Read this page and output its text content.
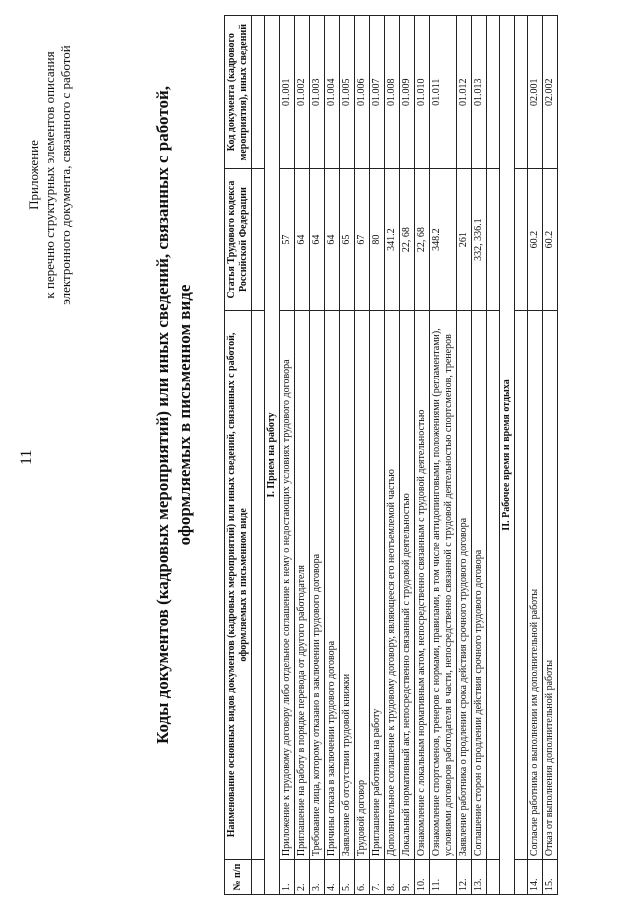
11
Приложение к перечню структурных элементов описания электронного документа, связанного с работой	Коды документов (кадровых мероприятий) или иных сведений, связанных с работой, оформляемых в письменном виде
№ п/п	Наименование основных видов документов (кадровых мероприятий) или иных сведений, связанных с работой, оформляемых в письменном виде	Статья Трудового кодекса Российской Федерации	Код документа (кадрового мероприятия), иных сведений

I. Прием на работу			
1.	Приложение к трудовому договору либо отдельное соглашение к нему о недостающих условиях трудового договора	57	01.001
2.	Приглашение на работу в порядке перевода от другого работодателя	64	01.002
3.	Требование лица, которому отказано в заключении трудового договора	64	01.003
4.	Причины отказа в заключении трудового договора	64	01.004
5.	Заявление об отсутствии трудовой книжки	65	01.005
6.	Трудовой договор	67	01.006
7.	Приглашение работника на работу	80	01.007
8.	Дополнительное соглашение к трудовому договору, являющееся его неотъемлемой частью	341.2	01.008
9.	Локальный нормативный акт, непосредственно связанный с трудовой деятельностью	22, 68	01.009
10.	Ознакомление с локальным нормативным актом, непосредственно связанным с трудовой деятельностью	22, 68	01.010
11.	Ознакомление спортсменов, тренеров с нормами, правилами, в том числе антидопинговыми, положениями (регламентами), условиями договоров работодателя в части, непосредственно связанной с трудовой деятельностью спортсменов, тренеров	348.2	01.011
12.	Заявление работника о продлении срока действия срочного трудового договора	261	01.012
13.	Соглашение сторон о продлении действия срочного трудового договора	332, 336.1	01.013

II. Рабочее время и время отдыха			

14.	Согласие работника о выполнении им дополнительной работы	60.2	02.001
15.	Отказ от выполнения дополнительной работы	60.2	02.002
